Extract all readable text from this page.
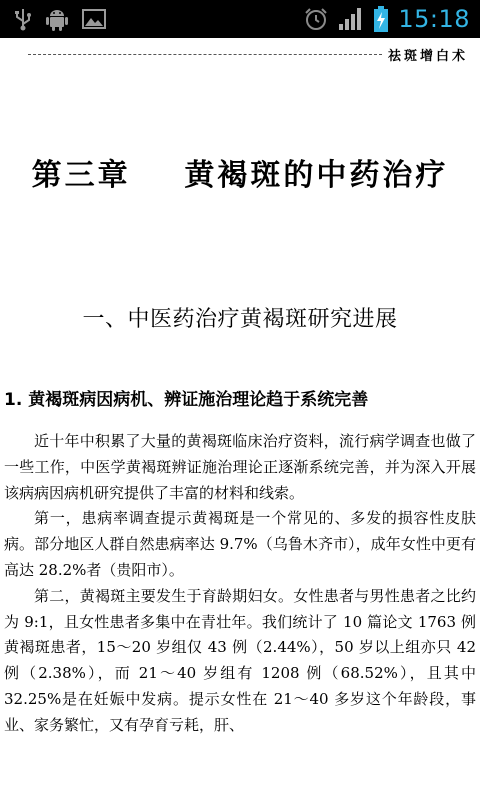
15:18
祛斑增白术
第三章    黄褐斑的中药治疗
一、中医药治疗黄褐斑研究进展
1. 黄褐斑病因病机、辨证施治理论趋于系统完善

近十年中积累了大量的黄褐斑临床治疗资料，流行病学调查也做了一些工作，中医学黄褐斑辨证施治理论正逐渐系统完善，并为深入开展该病病因病机研究提供了丰富的材料和线索。

第一，患病率调查提示黄褐斑是一个常见的、多发的损容性皮肤病。部分地区人群自然患病率达 9.7%（乌鲁木齐市），成年女性中更有高达 28.2%者（贵阳市）。

第二，黄褐斑主要发生于育龄期妇女。女性患者与男性患者之比约为 9:1，且女性患者多集中在青壮年。我们统计了 10 篇论文 1763 例黄褐斑患者，15～20 岁组仅 43 例（2.44%），50 岁以上组亦只 42 例（2.38%），而 21～40 岁组有 1208 例（68.52%），且其中 32.25%是在妊娠中发病。提示女性在 21～40 多岁这个年龄段，事业、家务繁忙，又有孕育亏耗，肝、
